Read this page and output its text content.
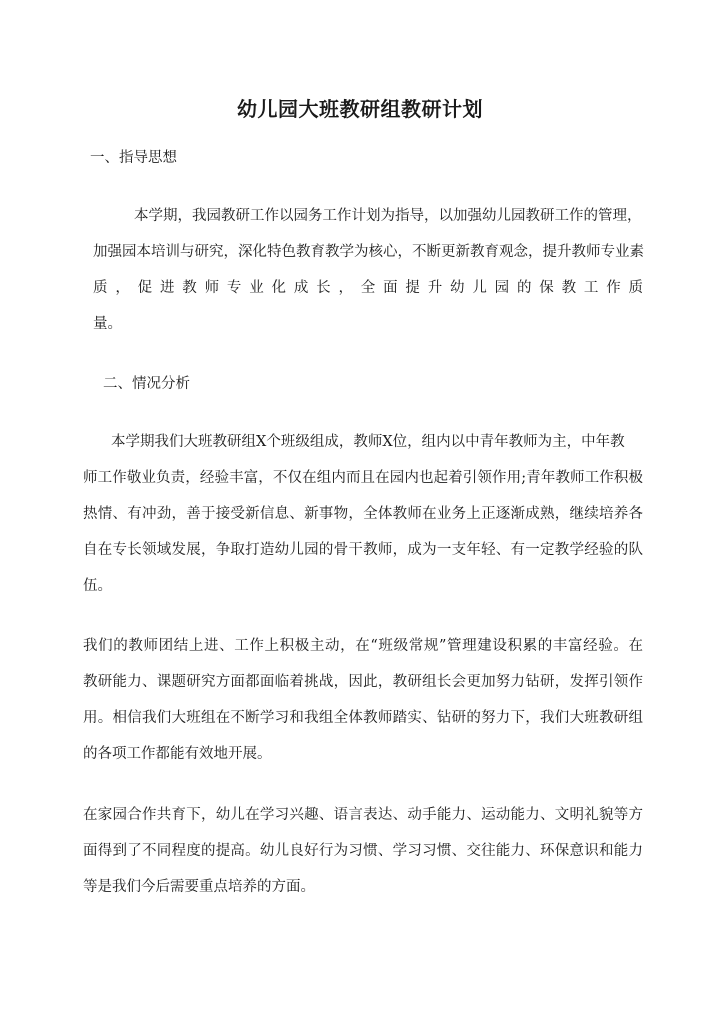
幼儿园大班教研组教研计划

一、指导思想

本学期，我园教研工作以园务工作计划为指导，以加强幼儿园教研工作的管理，
加强园本培训与研究，深化特色教育教学为核心，不断更新教育观念，提升教师专业素
质 ， 促 进 教 师 专 业 化 成 长 ， 全 面 提 升 幼 儿 园 的 保 教 工 作 质
量。

二、情况分析

本学期我们大班教研组X个班级组成，教师X位，组内以中青年教师为主，中年教
师工作敬业负责，经验丰富，不仅在组内而且在园内也起着引领作用;青年教师工作积极
热情、有冲劲，善于接受新信息、新事物，全体教师在业务上正逐渐成熟，继续培养各
自在专长领域发展，争取打造幼儿园的骨干教师，成为一支年轻、有一定教学经验的队
伍。
我们的教师团结上进、工作上积极主动，在“班级常规”管理建设积累的丰富经验。在
教研能力、课题研究方面都面临着挑战，因此，教研组长会更加努力钻研，发挥引领作
用。相信我们大班组在不断学习和我组全体教师踏实、钻研的努力下，我们大班教研组
的各项工作都能有效地开展。
在家园合作共育下，幼儿在学习兴趣、语言表达、动手能力、运动能力、文明礼貌等方
面得到了不同程度的提高。幼儿良好行为习惯、学习习惯、交往能力、环保意识和能力
等是我们今后需要重点培养的方面。
